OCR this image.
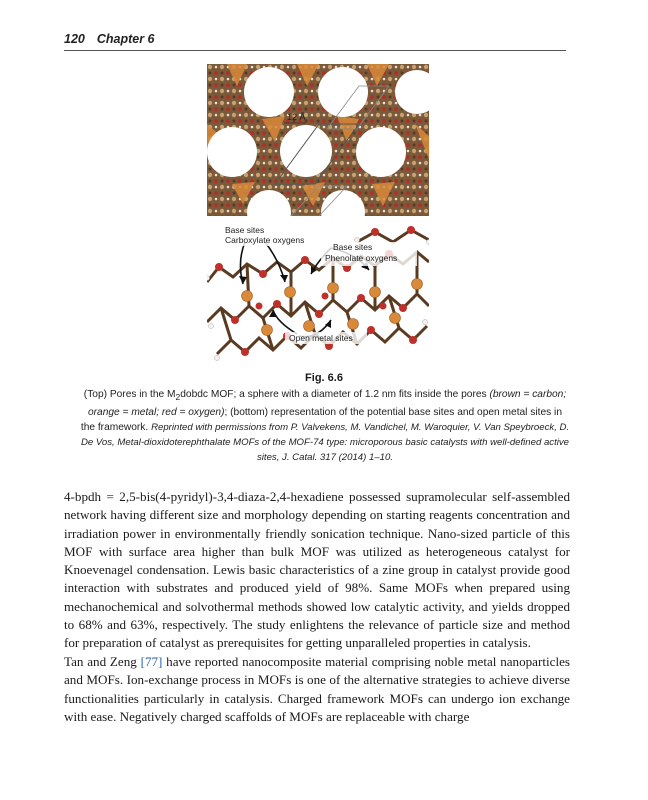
120 Chapter 6
12 Å
Base sites
Carboxylate oxygens
Base sites
Phenolate oxygens
Open metal sites
Fig. 6.6
(Top) Pores in the $M_2dobdc$ MOF; a sphere with a diameter of 1.2 nm fits inside the pores (brown = carbon; orange = metal; red = oxygen); (bottom) representation of the potential base sites and open metal sites in the framework. Reprinted with permissions from P. Valvekens, M. Vandichel, M. Waroquier, V. Van Speybroeck, D. De Vos, Metal-dioxidoterephthalate MOFs of the MOF-74 type: microporous basic catalysts with well-defined active sites, J. Catal. 317 (2014) 1–10.

4-bpdh = 2,5-bis(4-pyridyl)-3,4-diaza-2,4-hexadiene possessed supramolecular self-assembled network having different size and morphology depending on starting reagents concentration and irradiation power in environmentally friendly sonication technique. Nano-sized particle of this MOF with surface area higher than bulk MOF was utilized as heterogeneous catalyst for Knoevenagel condensation. Lewis basic characteristics of a zine group in catalyst provide good interaction with substrates and produced yield of 98%. Same MOFs when prepared using mechanochemical and solvothermal methods showed low catalytic activity, and yields dropped to 68% and 63%, respectively. The study enlightens the relevance of particle size and method for preparation of catalyst as prerequisites for getting unparalleled properties in catalysis.

Tan and Zeng [77] have reported nanocomposite material comprising noble metal nanoparticles and MOFs. Ion-exchange process in MOFs is one of the alternative strategies to achieve diverse functionalities particularly in catalysis. Charged framework MOFs can undergo ion exchange with ease. Negatively charged scaffolds of MOFs are replaceable with charge
